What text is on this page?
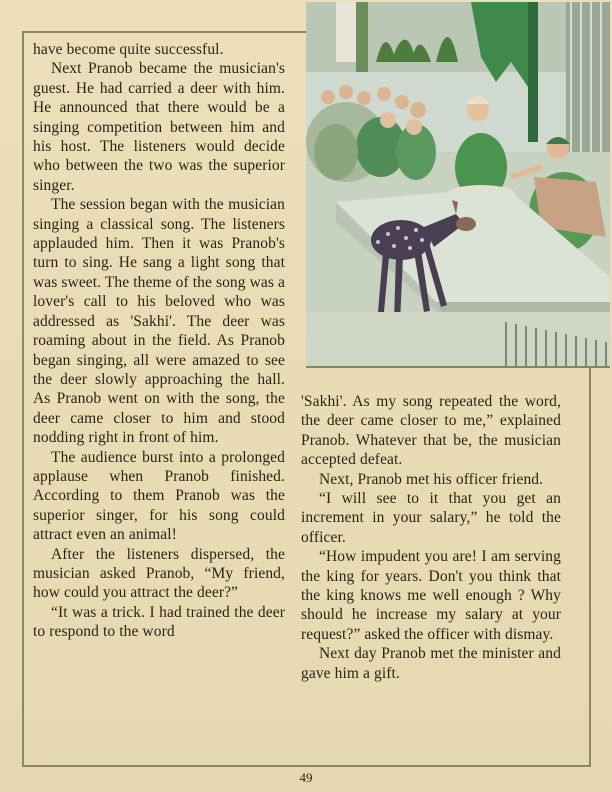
have become quite successful.

Next Pranob became the musician's guest. He had carried a deer with him. He announced that there would be a singing competition between him and his host. The listeners would decide who between the two was the superior singer.

The session began with the musician singing a classical song. The listeners applauded him. Then it was Pranob's turn to sing. He sang a light song that was sweet. The theme of the song was a lover's call to his beloved who was addressed as 'Sakhi'. The deer was roaming about in the field. As Pranob began singing, all were amazed to see the deer slowly approaching the hall. As Pranob went on with the song, the deer came closer to him and stood nodding right in front of him.

The audience burst into a prolonged applause when Pranob finished. According to them Pranob was the superior singer, for his song could attract even an animal!

After the listeners dispersed, the musician asked Pranob, “My friend, how could you attract the deer?”

“It was a trick. I had trained the deer to respond to the word

'Sakhi'. As my song repeated the word, the deer came closer to me,” explained Pranob. Whatever that be, the musician accepted defeat.

Next, Pranob met his officer friend.

“I will see to it that you get an increment in your salary,” he told the officer.

“How impudent you are! I am serving the king for years. Don't you think that the king knows me well enough ? Why should he increase my salary at your request?” asked the officer with dismay.

Next day Pranob met the minister and gave him a gift.

49
